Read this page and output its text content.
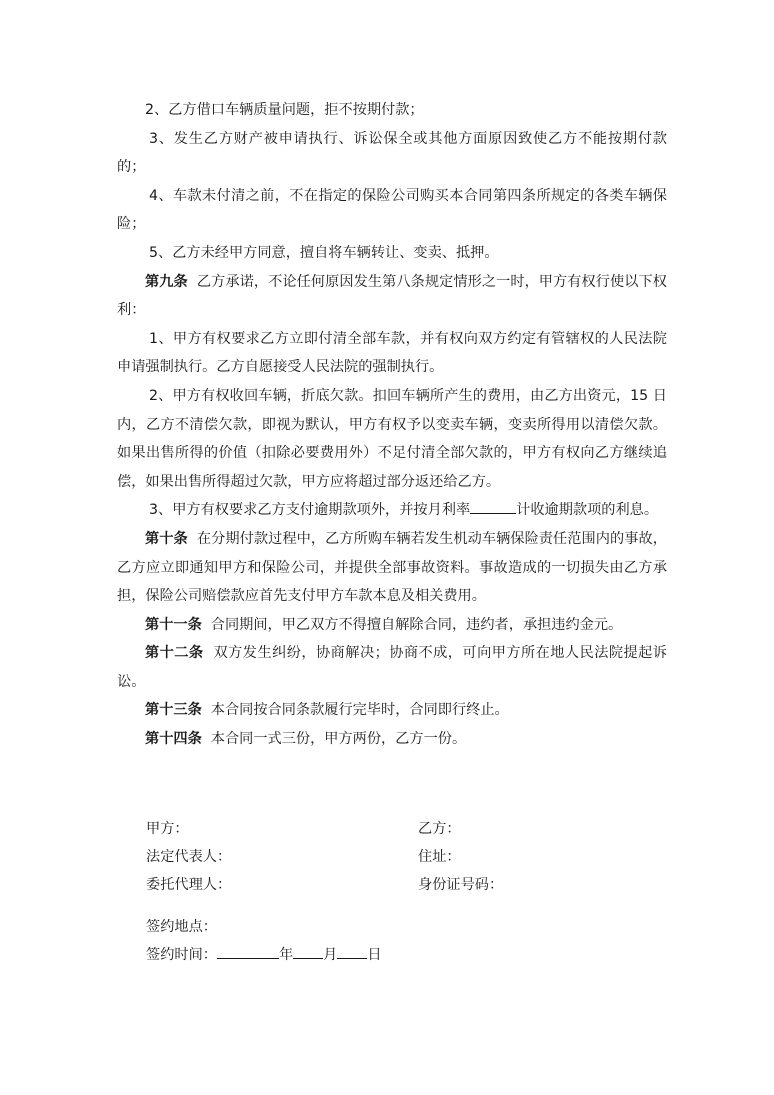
2、乙方借口车辆质量问题，拒不按期付款；

3、发生乙方财产被申请执行、诉讼保全或其他方面原因致使乙方不能按期付款的；

4、车款未付清之前，不在指定的保险公司购买本合同第四条所规定的各类车辆保险；

5、乙方未经甲方同意，擅自将车辆转让、变卖、抵押。

第九条 乙方承诺，不论任何原因发生第八条规定情形之一时，甲方有权行使以下权利：

1、甲方有权要求乙方立即付清全部车款，并有权向双方约定有管辖权的人民法院申请强制执行。乙方自愿接受人民法院的强制执行。

2、甲方有权收回车辆，折底欠款。扣回车辆所产生的费用，由乙方出资元，15 日内，乙方不清偿欠款，即视为默认，甲方有权予以变卖车辆，变卖所得用以清偿欠款。如果出售所得的价值（扣除必要费用外）不足付清全部欠款的，甲方有权向乙方继续追偿，如果出售所得超过欠款，甲方应将超过部分返还给乙方。

3、甲方有权要求乙方支付逾期款项外，并按月利率	计收逾期款项的利息。

第十条 在分期付款过程中，乙方所购车辆若发生机动车辆保险责任范围内的事故，乙方应立即通知甲方和保险公司，并提供全部事故资料。事故造成的一切损失由乙方承担，保险公司赔偿款应首先支付甲方车款本息及相关费用。

第十一条 合同期间，甲乙双方不得擅自解除合同，违约者，承担违约金元。

第十二条 双方发生纠纷，协商解决；协商不成，可向甲方所在地人民法院提起诉讼。

第十三条 本合同按合同条款履行完毕时，合同即行终止。

第十四条 本合同一式三份，甲方两份，乙方一份。

甲方：	乙方：
法定代表人：	住址：
委托代理人：	身份证号码：
签约地点：
签约时间：	年 月 日
